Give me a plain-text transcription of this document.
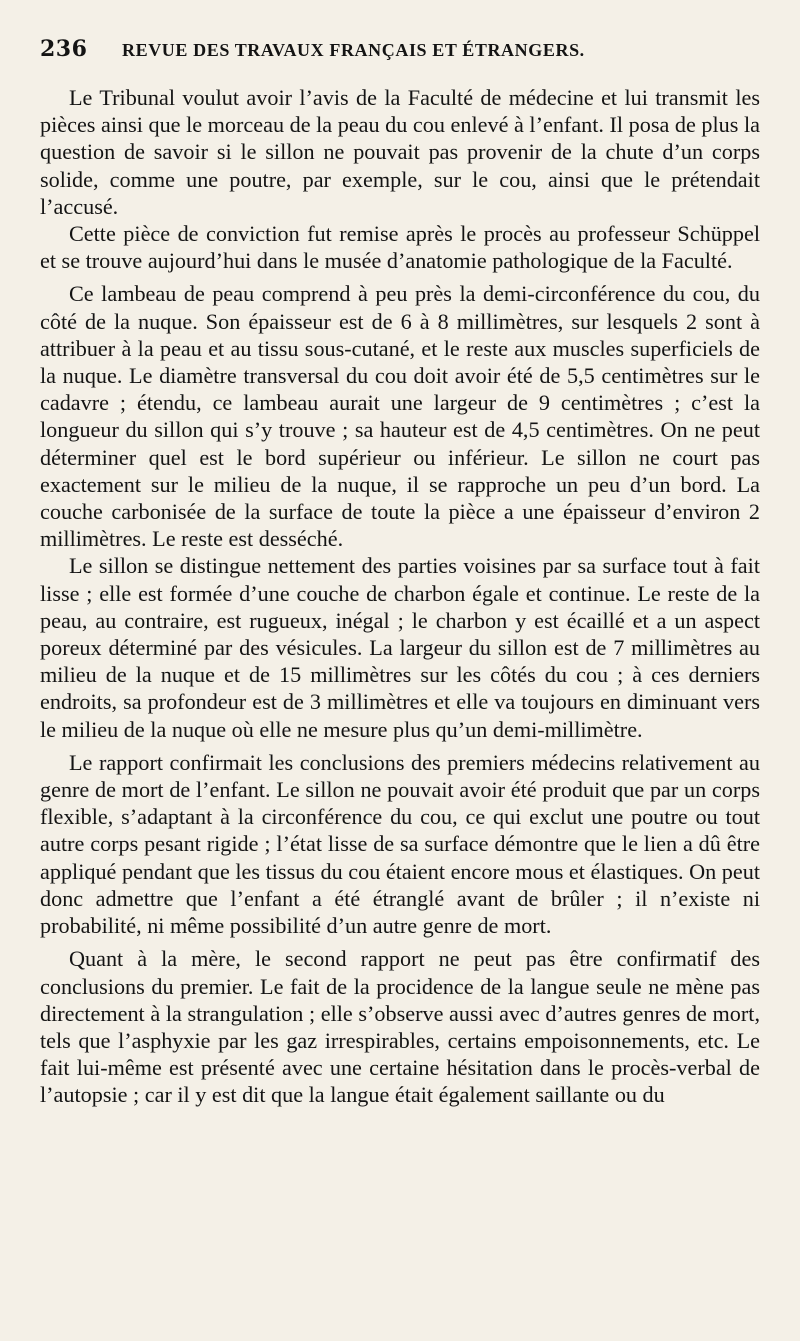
236	REVUE DES TRAVAUX FRANÇAIS ET ÉTRANGERS.

Le Tribunal voulut avoir l’avis de la Faculté de médecine et lui transmit les pièces ainsi que le morceau de la peau du cou enlevé à l’enfant. Il posa de plus la question de savoir si le sillon ne pouvait pas provenir de la chute d’un corps solide, comme une poutre, par exemple, sur le cou, ainsi que le prétendait l’accusé.

Cette pièce de conviction fut remise après le procès au professeur Schüppel et se trouve aujourd’hui dans le musée d’anatomie pathologique de la Faculté.

Ce lambeau de peau comprend à peu près la demi-circonférence du cou, du côté de la nuque. Son épaisseur est de 6 à 8 millimètres, sur lesquels 2 sont à attribuer à la peau et au tissu sous-cutané, et le reste aux muscles superficiels de la nuque. Le diamètre transversal du cou doit avoir été de 5,5 centimètres sur le cadavre ; étendu, ce lambeau aurait une largeur de 9 centimètres ; c’est la longueur du sillon qui s’y trouve ; sa hauteur est de 4,5 centimètres. On ne peut déterminer quel est le bord supérieur ou inférieur. Le sillon ne court pas exactement sur le milieu de la nuque, il se rapproche un peu d’un bord. La couche carbonisée de la surface de toute la pièce a une épaisseur d’environ 2 millimètres. Le reste est desséché.

Le sillon se distingue nettement des parties voisines par sa surface tout à fait lisse ; elle est formée d’une couche de charbon égale et continue. Le reste de la peau, au contraire, est rugueux, inégal ; le charbon y est écaillé et a un aspect poreux déterminé par des vésicules. La largeur du sillon est de 7 millimètres au milieu de la nuque et de 15 millimètres sur les côtés du cou ; à ces derniers endroits, sa profondeur est de 3 millimètres et elle va toujours en diminuant vers le milieu de la nuque où elle ne mesure plus qu’un demi-millimètre.

Le rapport confirmait les conclusions des premiers médecins relativement au genre de mort de l’enfant. Le sillon ne pouvait avoir été produit que par un corps flexible, s’adaptant à la circonférence du cou, ce qui exclut une poutre ou tout autre corps pesant rigide ; l’état lisse de sa surface démontre que le lien a dû être appliqué pendant que les tissus du cou étaient encore mous et élastiques. On peut donc admettre que l’enfant a été étranglé avant de brûler ; il n’existe ni probabilité, ni même possibilité d’un autre genre de mort.

Quant à la mère, le second rapport ne peut pas être confirmatif des conclusions du premier. Le fait de la procidence de la langue seule ne mène pas directement à la strangulation ; elle s’observe aussi avec d’autres genres de mort, tels que l’asphyxie par les gaz irrespirables, certains empoisonnements, etc. Le fait lui-même est présenté avec une certaine hésitation dans le procès-verbal de l’autopsie ; car il y est dit que la langue était également saillante ou du
